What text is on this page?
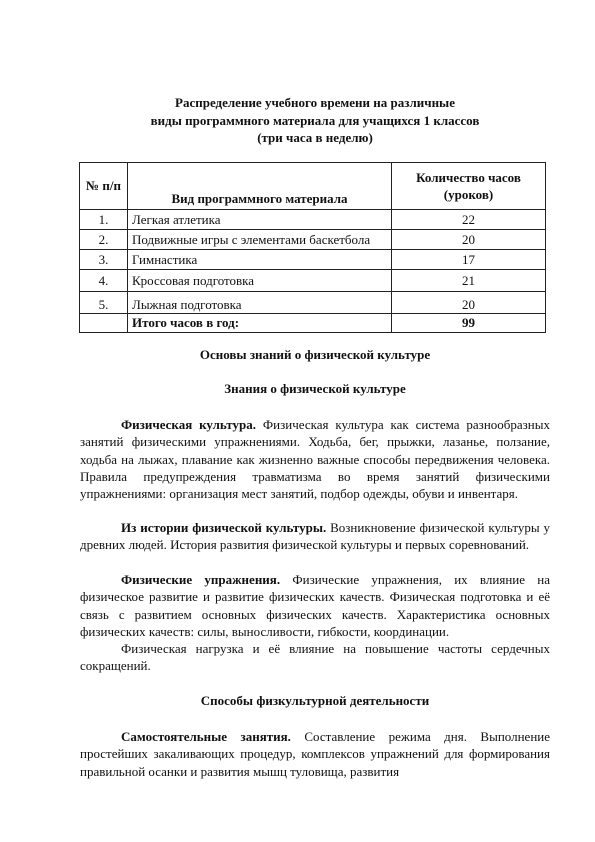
Распределение учебного времени на различные
виды программного материала для учащихся 1 классов
(три часа в неделю)
№ п/п	Вид программного материала	Количество часов (уроков)
1.	Легкая атлетика	22
2.	Подвижные игры с элементами баскетбола	20
3.	Гимнастика	17
4.	Кроссовая подготовка	21
5.	Лыжная подготовка	20
	Итого часов в год:	99
Основы знаний о физической культуре
Знания о физической культуре
Физическая культура. Физическая культура как система разнообразных занятий физическими упражнениями. Ходьба, бег, прыжки, лазанье, ползание, ходьба на лыжах, плавание как жизненно важные способы передвижения человека. Правила предупреждения травматизма во время занятий физическими упражнениями: организация мест занятий, подбор одежды, обуви и инвентаря.
Из истории физической культуры. Возникновение физической культуры у древних людей. История развития физической культуры и первых соревнований.
Физические упражнения. Физические упражнения, их влияние на физическое развитие и развитие физических качеств. Физическая подготовка и её связь с развитием основных физических качеств. Характеристика основных физических качеств: силы, выносливости, гибкости, координации.
Физическая нагрузка и её влияние на повышение частоты сердечных сокращений.
Способы физкультурной деятельности
Самостоятельные занятия. Составление режима дня. Выполнение простейших закаливающих процедур, комплексов упражнений для формирования правильной осанки и развития мышц туловища, развития
